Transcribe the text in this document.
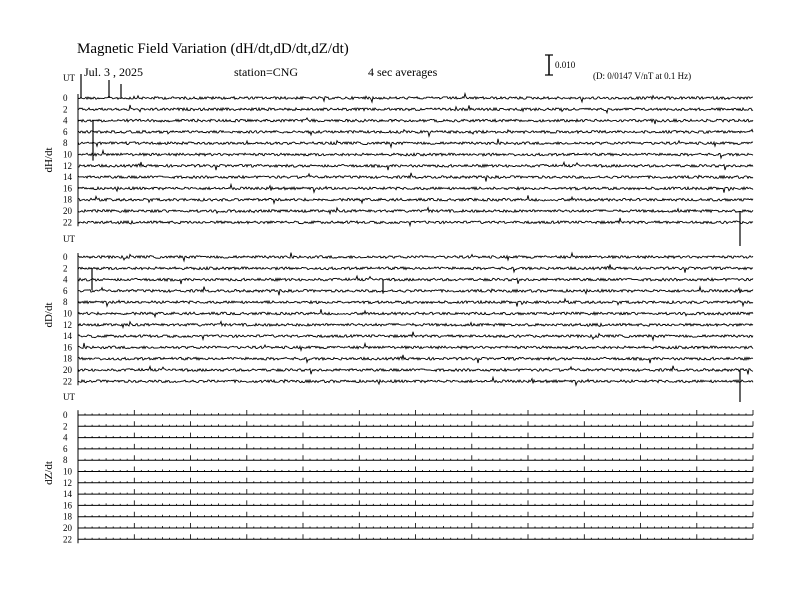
Magnetic Field Variation (dH/dt,dD/dt,dZ/dt)
Jul. 3 , 2025	station=CNG	4 sec averages	0.010
(D: 0/0147 V/nT at 0.1 Hz)
UT
dH/dt
0
2
4
6
8
10
12
14
16
18
20
22
UT
dD/dt
0
2
4
6
8
10
12
14
16
18
20
22
UT
dZ/dt
0
2
4
6
8
10
12
14
16
18
20
22
